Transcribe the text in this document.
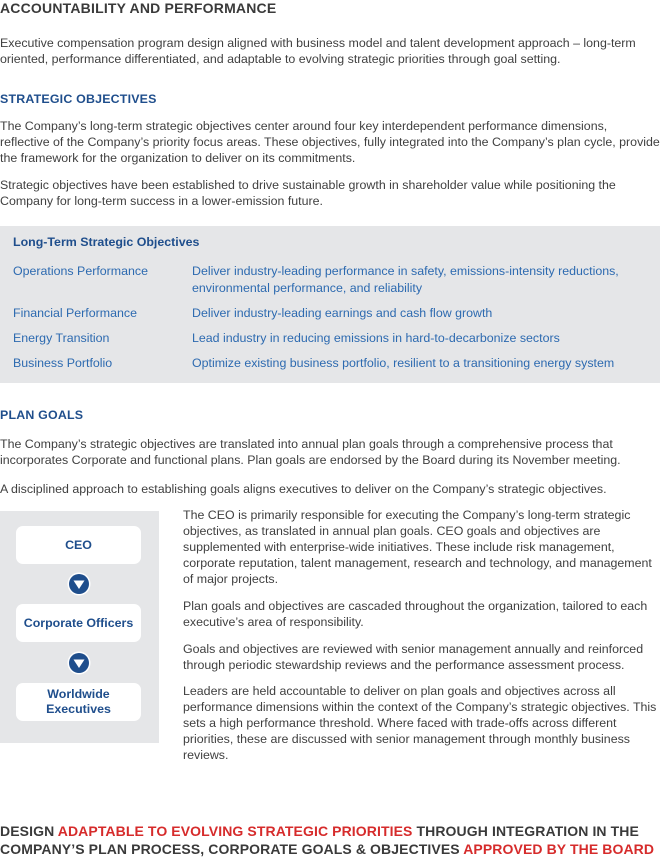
ACCOUNTABILITY AND PERFORMANCE

Executive compensation program design aligned with business model and talent development approach – long-term oriented, performance differentiated, and adaptable to evolving strategic priorities through goal setting.

STRATEGIC OBJECTIVES

The Company’s long-term strategic objectives center around four key interdependent performance dimensions, reflective of the Company’s priority focus areas. These objectives, fully integrated into the Company’s plan cycle, provide the framework for the organization to deliver on its commitments.

Strategic objectives have been established to drive sustainable growth in shareholder value while positioning the Company for long-term success in a lower-emission future.

Long-Term Strategic Objectives
Operations Performance	Deliver industry-leading performance in safety, emissions-intensity reductions, environmental performance, and reliability
Financial Performance	Deliver industry-leading earnings and cash flow growth
Energy Transition	Lead industry in reducing emissions in hard-to-decarbonize sectors
Business Portfolio	Optimize existing business portfolio, resilient to a transitioning energy system
PLAN GOALS

The Company’s strategic objectives are translated into annual plan goals through a comprehensive process that incorporates Corporate and functional plans. Plan goals are endorsed by the Board during its November meeting.

A disciplined approach to establishing goals aligns executives to deliver on the Company’s strategic objectives.

CEO
Corporate Officers
Worldwide Executives

The CEO is primarily responsible for executing the Company’s long-term strategic objectives, as translated in annual plan goals. CEO goals and objectives are supplemented with enterprise-wide initiatives. These include risk management, corporate reputation, talent management, research and technology, and management of major projects.

Plan goals and objectives are cascaded throughout the organization, tailored to each executive’s area of responsibility.

Goals and objectives are reviewed with senior management annually and reinforced through periodic stewardship reviews and the performance assessment process.

Leaders are held accountable to deliver on plan goals and objectives across all performance dimensions within the context of the Company’s strategic objectives. This sets a high performance threshold. Where faced with trade-offs across different priorities, these are discussed with senior management through monthly business reviews.

DESIGN ADAPTABLE TO EVOLVING STRATEGIC PRIORITIES THROUGH INTEGRATION IN THE COMPANY’S PLAN PROCESS, CORPORATE GOALS & OBJECTIVES APPROVED BY THE BOARD
